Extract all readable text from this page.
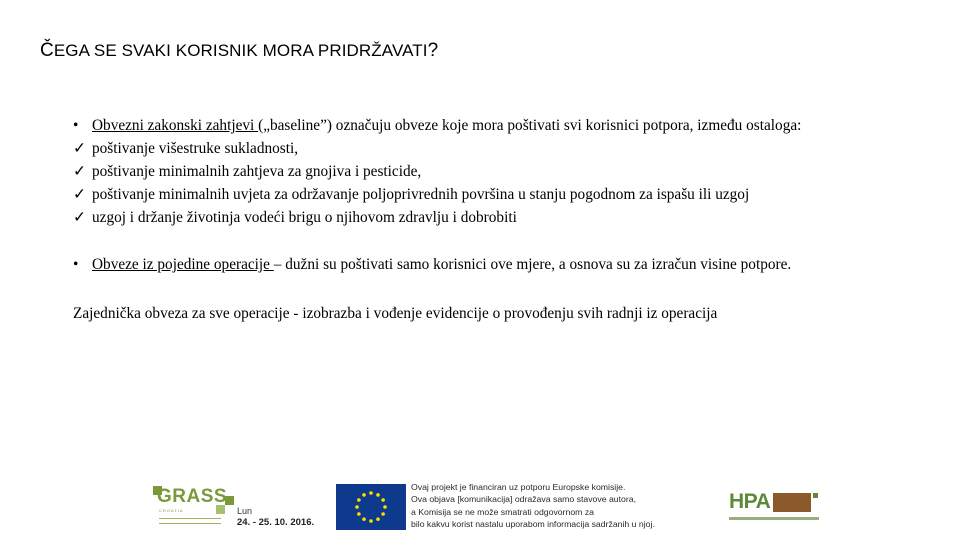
ČEGA SE SVAKI KORISNIK MORA PRIDRŽAVATI?
• Obvezni zakonski zahtjevi („baseline”) označuju obveze koje mora poštivati svi korisnici potpora, između ostaloga:
✓ poštivanje višestruke sukladnosti,
✓ poštivanje minimalnih zahtjeva za gnojiva i pesticide,
✓ poštivanje minimalnih uvjeta za održavanje poljoprivrednih površina u stanju pogodnom za ispašu ili uzgoj
✓ uzgoj i držanje životinja vodeći brigu o njihovom zdravlju i dobrobiti
• Obveze iz pojedine operacije – dužni su poštivati samo korisnici ove mjere, a osnova su za izračun visine potpore.
Zajednička obveza za sve operacije - izobrazba i vođenje evidencije o provođenju svih radnji iz operacija
GRASS
CROATIA	Lun
24. - 25. 10. 2016.
Ovaj projekt je financiran uz potporu Europske komisije.
Ova objava [komunikacija] odražava samo stavove autora,
a Komisija se ne može smatrati odgovornom za
bilo kakvu korist nastalu uporabom informacija sadržanih u njoj.
HPA
